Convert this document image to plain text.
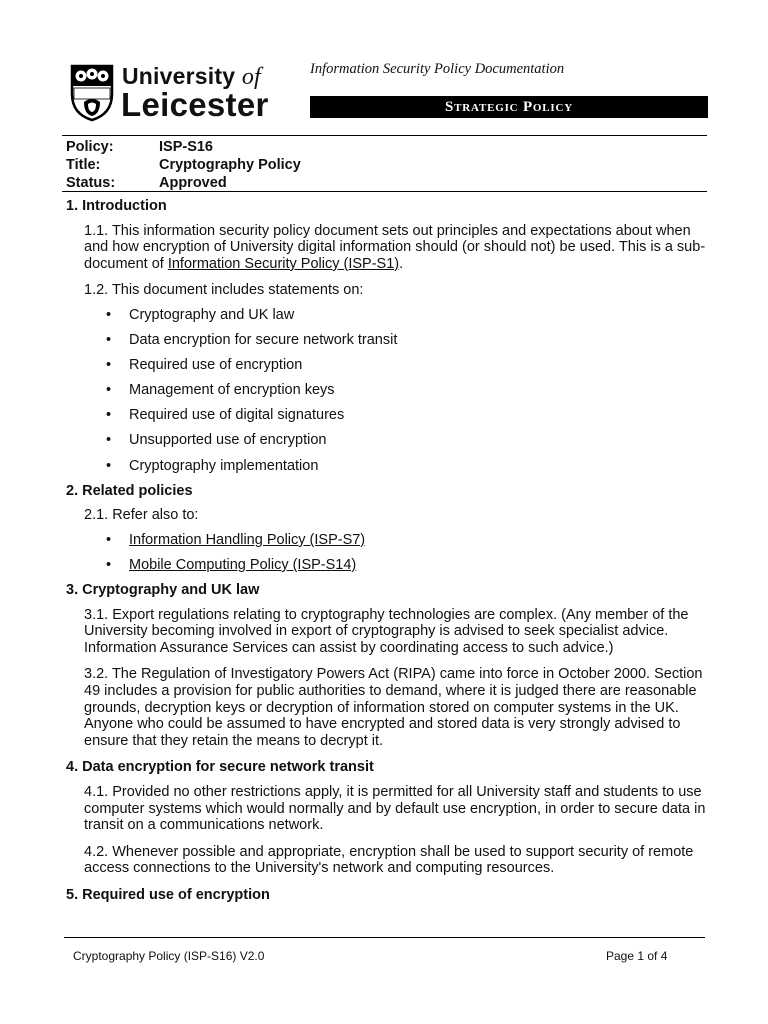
University of
Leicester
Information Security Policy Documentation
Strategic Policy
Policy:	ISP-S16
Title:	Cryptography Policy
Status:	Approved
1. Introduction
1.1. This information security policy document sets out principles and expectations about when and how encryption of University digital information should (or should not) be used. This is a sub-document of Information Security Policy (ISP-S1).
1.2. This document includes statements on:
• Cryptography and UK law
• Data encryption for secure network transit
• Required use of encryption
• Management of encryption keys
• Required use of digital signatures
• Unsupported use of encryption
• Cryptography implementation
2. Related policies
2.1. Refer also to:
• Information Handling Policy (ISP-S7)
• Mobile Computing Policy (ISP-S14)
3. Cryptography and UK law
3.1. Export regulations relating to cryptography technologies are complex. (Any member of the University becoming involved in export of cryptography is advised to seek specialist advice. Information Assurance Services can assist by coordinating access to such advice.)
3.2. The Regulation of Investigatory Powers Act (RIPA) came into force in October 2000. Section 49 includes a provision for public authorities to demand, where it is judged there are reasonable grounds, decryption keys or decryption of information stored on computer systems in the UK. Anyone who could be assumed to have encrypted and stored data is very strongly advised to ensure that they retain the means to decrypt it.
4. Data encryption for secure network transit
4.1. Provided no other restrictions apply, it is permitted for all University staff and students to use computer systems which would normally and by default use encryption, in order to secure data in transit on a communications network.
4.2. Whenever possible and appropriate, encryption shall be used to support security of remote access connections to the University's network and computing resources.
5. Required use of encryption
Cryptography Policy (ISP-S16) V2.0	Page 1 of 4
